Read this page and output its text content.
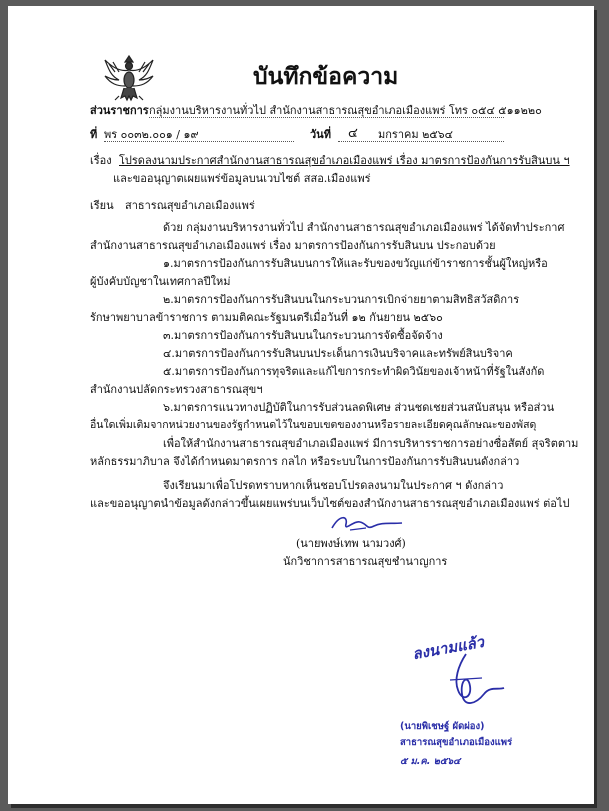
บันทึกข้อความ
ส่วนราชการ กลุ่มงานบริหารงานทั่วไป สำนักงานสาธารณสุขอำเภอเมืองแพร่ โทร ๐๕๔ ๕๑๑๒๒๐
ที่ พร ๐๐๓๒.๐๐๑ / ๑๙	วันที่ ๔ มกราคม ๒๕๖๔
เรื่อง โปรดลงนามประกาศสำนักงานสาธารณสุขอำเภอเมืองแพร่ เรื่อง มาตรการป้องกันการรับสินบน ฯ
และขออนุญาตเผยแพร่ข้อมูลบนเวบไซต์ สสอ.เมืองแพร่
เรียน สาธารณสุขอำเภอเมืองแพร่
ด้วย กลุ่มงานบริหารงานทั่วไป สำนักงานสาธารณสุขอำเภอเมืองแพร่ ได้จัดทำประกาศ
สำนักงานสาธารณสุขอำเภอเมืองแพร่ เรื่อง มาตรการป้องกันการรับสินบน ประกอบด้วย
๑.มาตรการป้องกันการรับสินบนการให้และรับของขวัญแก่ข้าราชการชั้นผู้ใหญ่หรือ
ผู้บังคับบัญชาในเทศกาลปีใหม่
๒.มาตรการป้องกันการรับสินบนในกระบวนการเบิกจ่ายยาตามสิทธิสวัสดิการ
รักษาพยาบาลข้าราชการ ตามมติคณะรัฐมนตรีเมื่อวันที่ ๑๒ กันยายน ๒๕๖๐
๓.มาตรการป้องกันการรับสินบนในกระบวนการจัดซื้อจัดจ้าง
๔.มาตรการป้องกันการรับสินบนประเด็นการเงินบริจาคและทรัพย์สินบริจาค
๕.มาตรการป้องกันการทุจริตและแก้ไขการกระทำผิดวินัยของเจ้าหน้าที่รัฐในสังกัด
สำนักงานปลัดกระทรวงสาธารณสุขฯ
๖.มาตรการแนวทางปฏิบัติในการรับส่วนลดพิเศษ ส่วนชดเชยส่วนสนับสนุน หรือส่วน
อื่นใดเพิ่มเติมจากหน่วยงานของรัฐกำหนดไว้ในขอบเขตของงานหรือรายละเอียดคุณลักษณะของพัสดุ
เพื่อให้สำนักงานสาธารณสุขอำเภอเมืองแพร่ มีการบริหารราชการอย่างซื่อสัตย์ สุจริตตาม
หลักธรรมาภิบาล จึงได้กำหนดมาตรการ กลไก หรือระบบในการป้องกันการรับสินบนดังกล่าว
จึงเรียนมาเพื่อโปรดทราบหากเห็นชอบโปรดลงนามในประกาศ ฯ ดังกล่าว
และขออนุญาตนำข้อมูลดังกล่าวขึ้นเผยแพร่บนเว็บไซต์ของสำนักงานสาธารณสุขอำเภอเมืองแพร่ ต่อไป
(นายพงษ์เทพ นามวงศ์)
นักวิชาการสาธารณสุขชำนาญการ
ลงนามแล้ว
(นายพิเชษฐ์ ผัดผ่อง)
สาธารณสุขอำเภอเมืองแพร่
๕ ม.ค. ๒๕๖๔
